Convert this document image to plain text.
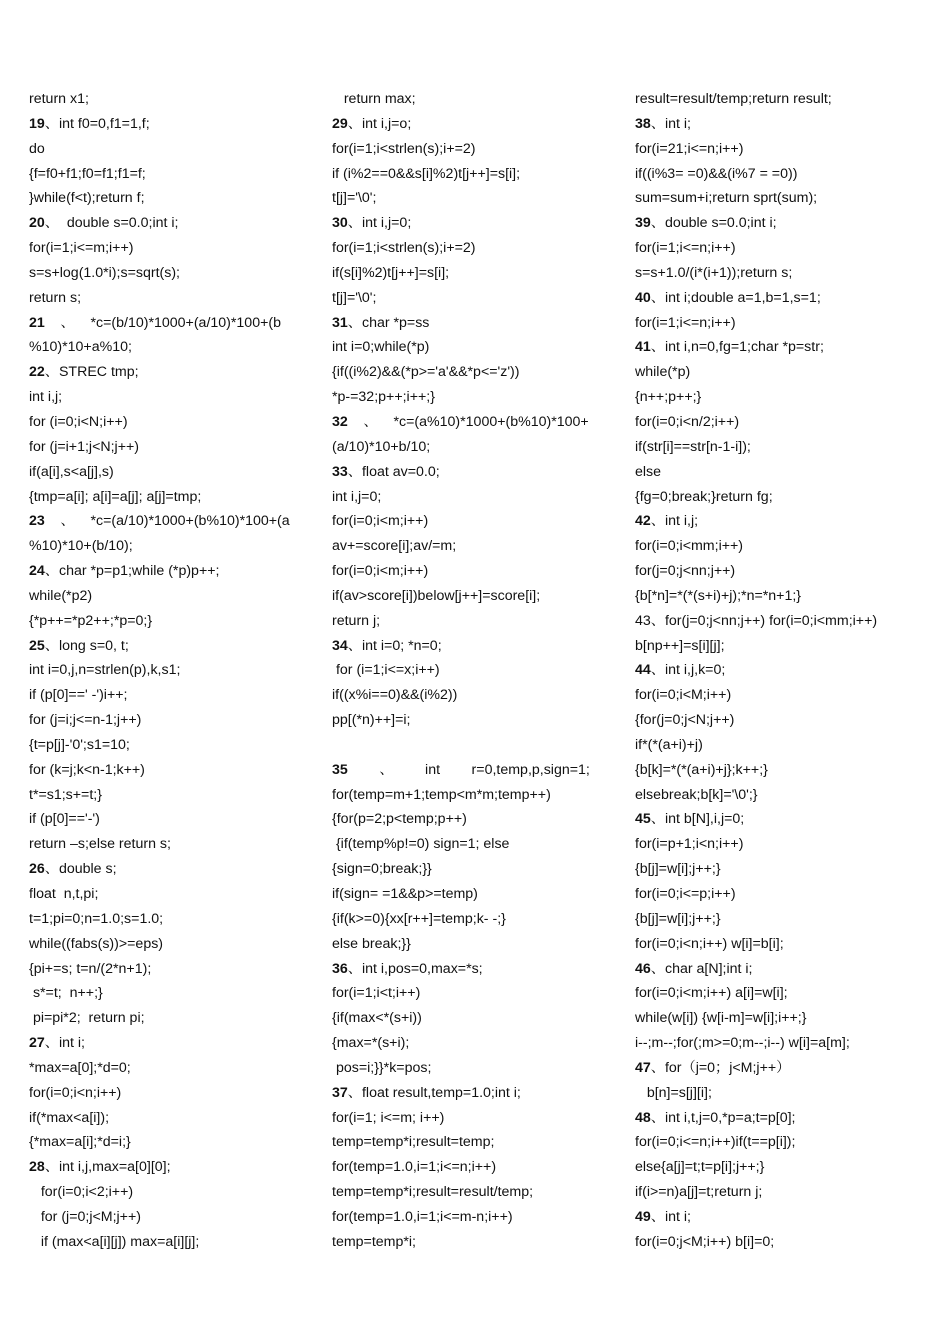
return x1;
19、int f0=0,f1=1,f;
do
{f=f0+f1;f0=f1;f1=f;
}while(f<t);return f;
20、  double s=0.0;int i;
for(i=1;i<=m;i++)
s=s+log(1.0*i);s=sqrt(s);
return s;
21    、    *c=(b/10)*1000+(a/10)*100+(b
%10)*10+a%10;
22、STREC tmp;
int i,j;
for (i=0;i<N;i++)
for (j=i+1;j<N;j++)
if(a[i],s<a[j],s)
{tmp=a[i]; a[i]=a[j]; a[j]=tmp;
23    、    *c=(a/10)*1000+(b%10)*100+(a
%10)*10+(b/10);
24、char *p=p1;while (*p)p++;
while(*p2)
{*p++=*p2++;*p=0;}
25、long s=0, t;
int i=0,j,n=strlen(p),k,s1;
if (p[0]==' -')i++;
for (j=i;j<=n-1;j++)
{t=p[j]-'0';s1=10;
for (k=j;k<n-1;k++)
t*=s1;s+=t;}
if (p[0]=='-')
return –s;else return s;
26、double s;
float  n,t,pi;
t=1;pi=0;n=1.0;s=1.0;
while((fabs(s))>=eps)
{pi+=s; t=n/(2*n+1);
s*=t;  n++;}
pi=pi*2;  return pi;
27、int i;
*max=a[0];*d=0;
for(i=0;i<n;i++)
if(*max<a[i]);
{*max=a[i];*d=i;}
28、int i,j,max=a[0][0];
for(i=0;i<2;i++)
for (j=0;j<M;j++)
if (max<a[i][j]) max=a[i][j];
return max;
29、int i,j=o;
for(i=1;i<strlen(s);i+=2)
if (i%2==0&&s[i]%2)t[j++]=s[i];
t[j]='\0';
30、int i,j=0;
for(i=1;i<strlen(s);i+=2)
if(s[i]%2)t[j++]=s[i];
t[j]='\0';
31、char *p=ss
int i=0;while(*p)
{if((i%2)&&(*p>='a'&&*p<='z'))
*p-=32;p++;i++;}
32    、    *c=(a%10)*1000+(b%10)*100+
(a/10)*10+b/10;
33、float av=0.0;
int i,j=0;
for(i=0;i<m;i++)
av+=score[i];av/=m;
for(i=0;i<m;i++)
if(av>score[i])below[j++]=score[i];
return j;
34、int i=0; *n=0;
for (i=1;i<=x;i++)
if((x%i==0)&&(i%2))
pp[(*n)++]=i;
35        、        int        r=0,temp,p,sign=1;
for(temp=m+1;temp<m*m;temp++)
{for(p=2;p<temp;p++)
{if(temp%p!=0) sign=1; else
{sign=0;break;}}
if(sign= =1&&p>=temp)
{if(k>=0){xx[r++]=temp;k- -;}
else break;}}
36、int i,pos=0,max=*s;
for(i=1;i<t;i++)
{if(max<*(s+i))
{max=*(s+i);
pos=i;}}*k=pos;
37、float result,temp=1.0;int i;
for(i=1; i<=m; i++)
temp=temp*i;result=temp;
for(temp=1.0,i=1;i<=n;i++)
temp=temp*i;result=result/temp;
for(temp=1.0,i=1;i<=m-n;i++)
temp=temp*i;
result=result/temp;return result;
38、int i;
for(i=21;i<=n;i++)
if((i%3= =0)&&(i%7 = =0))
sum=sum+i;return sprt(sum);
39、double s=0.0;int i;
for(i=1;i<=n;i++)
s=s+1.0/(i*(i+1));return s;
40、int i;double a=1,b=1,s=1;
for(i=1;i<=n;i++)
41、int i,n=0,fg=1;char *p=str;
while(*p)
{n++;p++;}
for(i=0;i<n/2;i++)
if(str[i]==str[n-1-i]);
else
{fg=0;break;}return fg;
42、int i,j;
for(i=0;i<mm;i++)
for(j=0;j<nn;j++)
{b[*n]=*(*(s+i)+j);*n=*n+1;}
43、for(j=0;j<nn;j++) for(i=0;i<mm;i++)
b[np++]=s[i][j];
44、int i,j,k=0;
for(i=0;i<M;i++)
{for(j=0;j<N;j++)
if*(*(a+i)+j)
{b[k]=*(*(a+i)+j};k++;}
elsebreak;b[k]='\0';}
45、int b[N],i,j=0;
for(i=p+1;i<n;i++)
{b[j]=w[i];j++;}
for(i=0;i<=p;i++)
{b[j]=w[i];j++;}
for(i=0;i<n;i++) w[i]=b[i];
46、char a[N];int i;
for(i=0;i<m;i++) a[i]=w[i];
while(w[i]) {w[i-m]=w[i];i++;}
i--;m--;for(;m>=0;m--;i--) w[i]=a[m];
47、for（j=0；j<M;j++）
b[n]=s[j][i];
48、int i,t,j=0,*p=a;t=p[0];
for(i=0;i<=n;i++)if(t==p[i]);
else{a[j]=t;t=p[i];j++;}
if(i>=n)a[j]=t;return j;
49、int i;
for(i=0;j<M;i++) b[i]=0;
